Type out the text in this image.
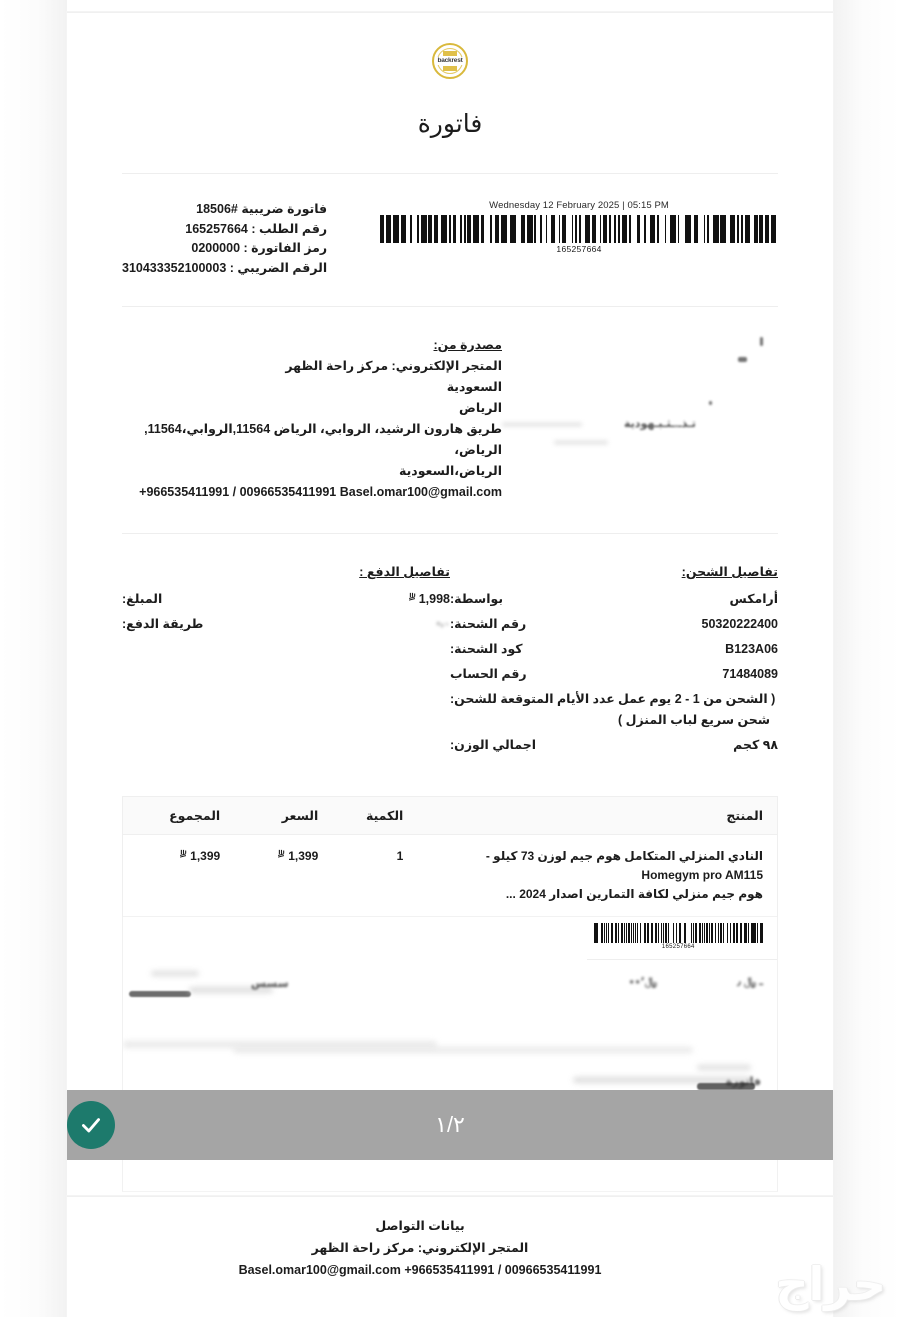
backrest
فاتورة
فاتورة ضريبية #18506
رقم الطلب : 165257664
رمز الفاتورة : 0200000
الرقم الضريبي : 310433352100003
Wednesday 12 February 2025 | 05:15 PM
165257664
مصدرة من:
المتجر الإلكتروني: مركز راحة الظهر
السعودية
الرياض
طريق هارون الرشيد، الروابي، الرياض 11564,الروابي،11564, الرياض،
الرياض،السعودية
Basel.omar100@gmail.com +966535411991 / 00966535411991
تـذـ.ـثـبـهودية
تفاصيل الدفع :
المبلغ:	1,998
طريقة الدفع:	•،٠
تفاصيل الشحن:
بواسطة:	أرامكس
رقم الشحنة:	50320222400
كود الشحنة:	B123A06
رقم الحساب	71484089
عدد الأيام المتوقعة للشحن: ( الشحن من 1 - 2 يوم عمل شحن سريع لباب المنزل )
اجمالي الوزن:	٩٨ كجم
المنتج	الكمية	السعر	المجموع

النادي المنزلي المتكامل هوم جيم لوزن 73 كيلو - Homegym pro AM115
هوم جيم منزلي لكافة التمارين اصدار 2024 ...	1	1,399	1,399
165257664
ـ ﷼ ٫
﷼٬٭٭
سسس
فاتورة
١/٢
بيانات التواصل
المتجر الإلكتروني: مركز راحة الظهر
+966535411991 / 00966535411991 Basel.omar100@gmail.com	حراج
